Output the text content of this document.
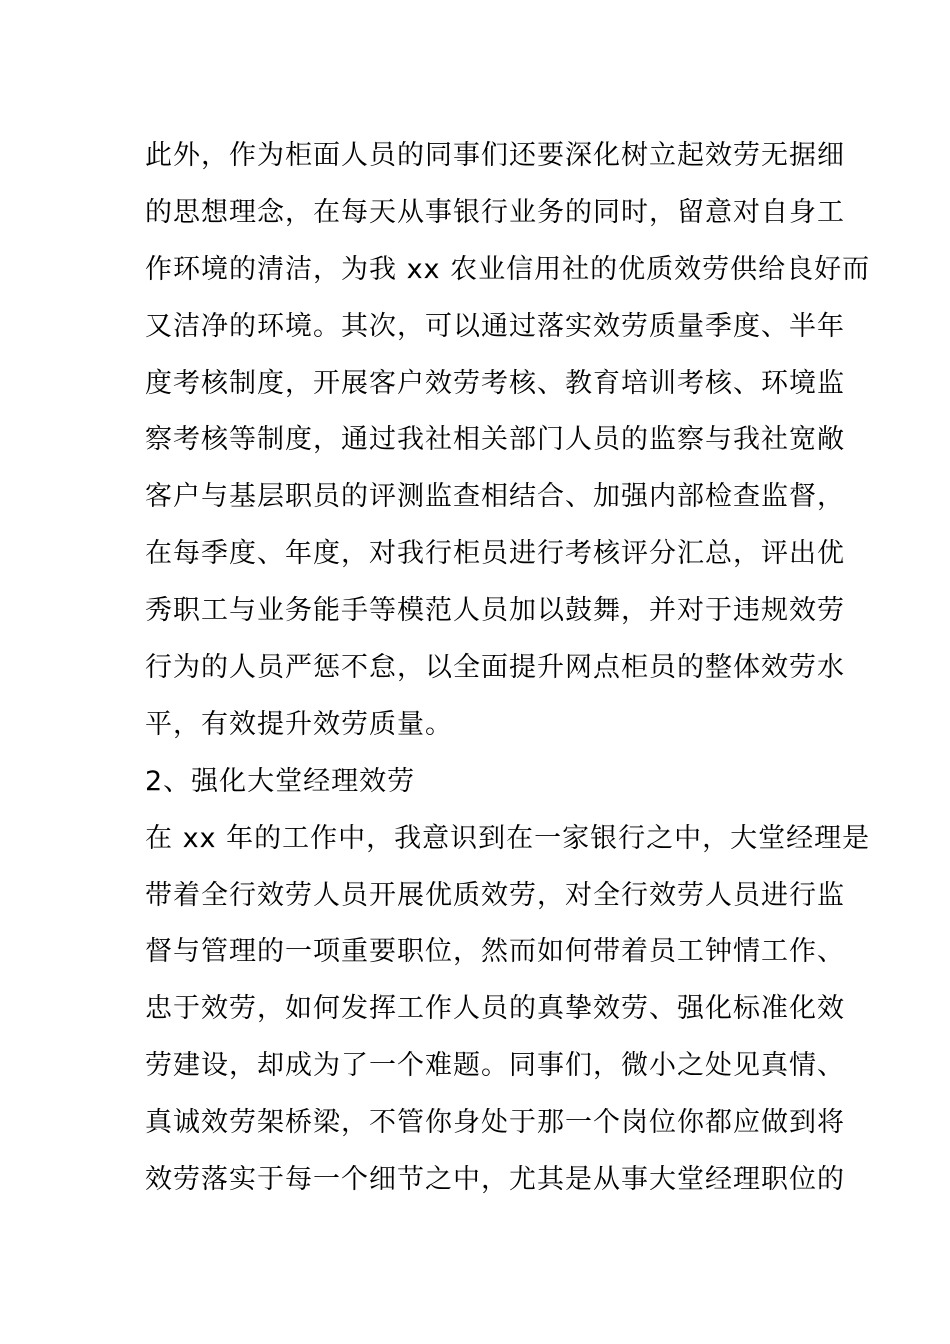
此外，作为柜面人员的同事们还要深化树立起效劳无据细
的思想理念，在每天从事银行业务的同时，留意对自身工
作环境的清洁，为我 xx 农业信用社的优质效劳供给良好而
又洁净的环境。其次，可以通过落实效劳质量季度、半年
度考核制度，开展客户效劳考核、教育培训考核、环境监
察考核等制度，通过我社相关部门人员的监察与我社宽敞
客户与基层职员的评测监查相结合、加强内部检查监督，
在每季度、年度，对我行柜员进行考核评分汇总，评出优
秀职工与业务能手等模范人员加以鼓舞，并对于违规效劳
行为的人员严惩不怠，以全面提升网点柜员的整体效劳水
平，有效提升效劳质量。
2、强化大堂经理效劳
在 xx 年的工作中，我意识到在一家银行之中，大堂经理是
带着全行效劳人员开展优质效劳，对全行效劳人员进行监
督与管理的一项重要职位，然而如何带着员工钟情工作、
忠于效劳，如何发挥工作人员的真挚效劳、强化标准化效
劳建设，却成为了一个难题。同事们，微小之处见真情、
真诚效劳架桥梁，不管你身处于那一个岗位你都应做到将
效劳落实于每一个细节之中，尤其是从事大堂经理职位的
